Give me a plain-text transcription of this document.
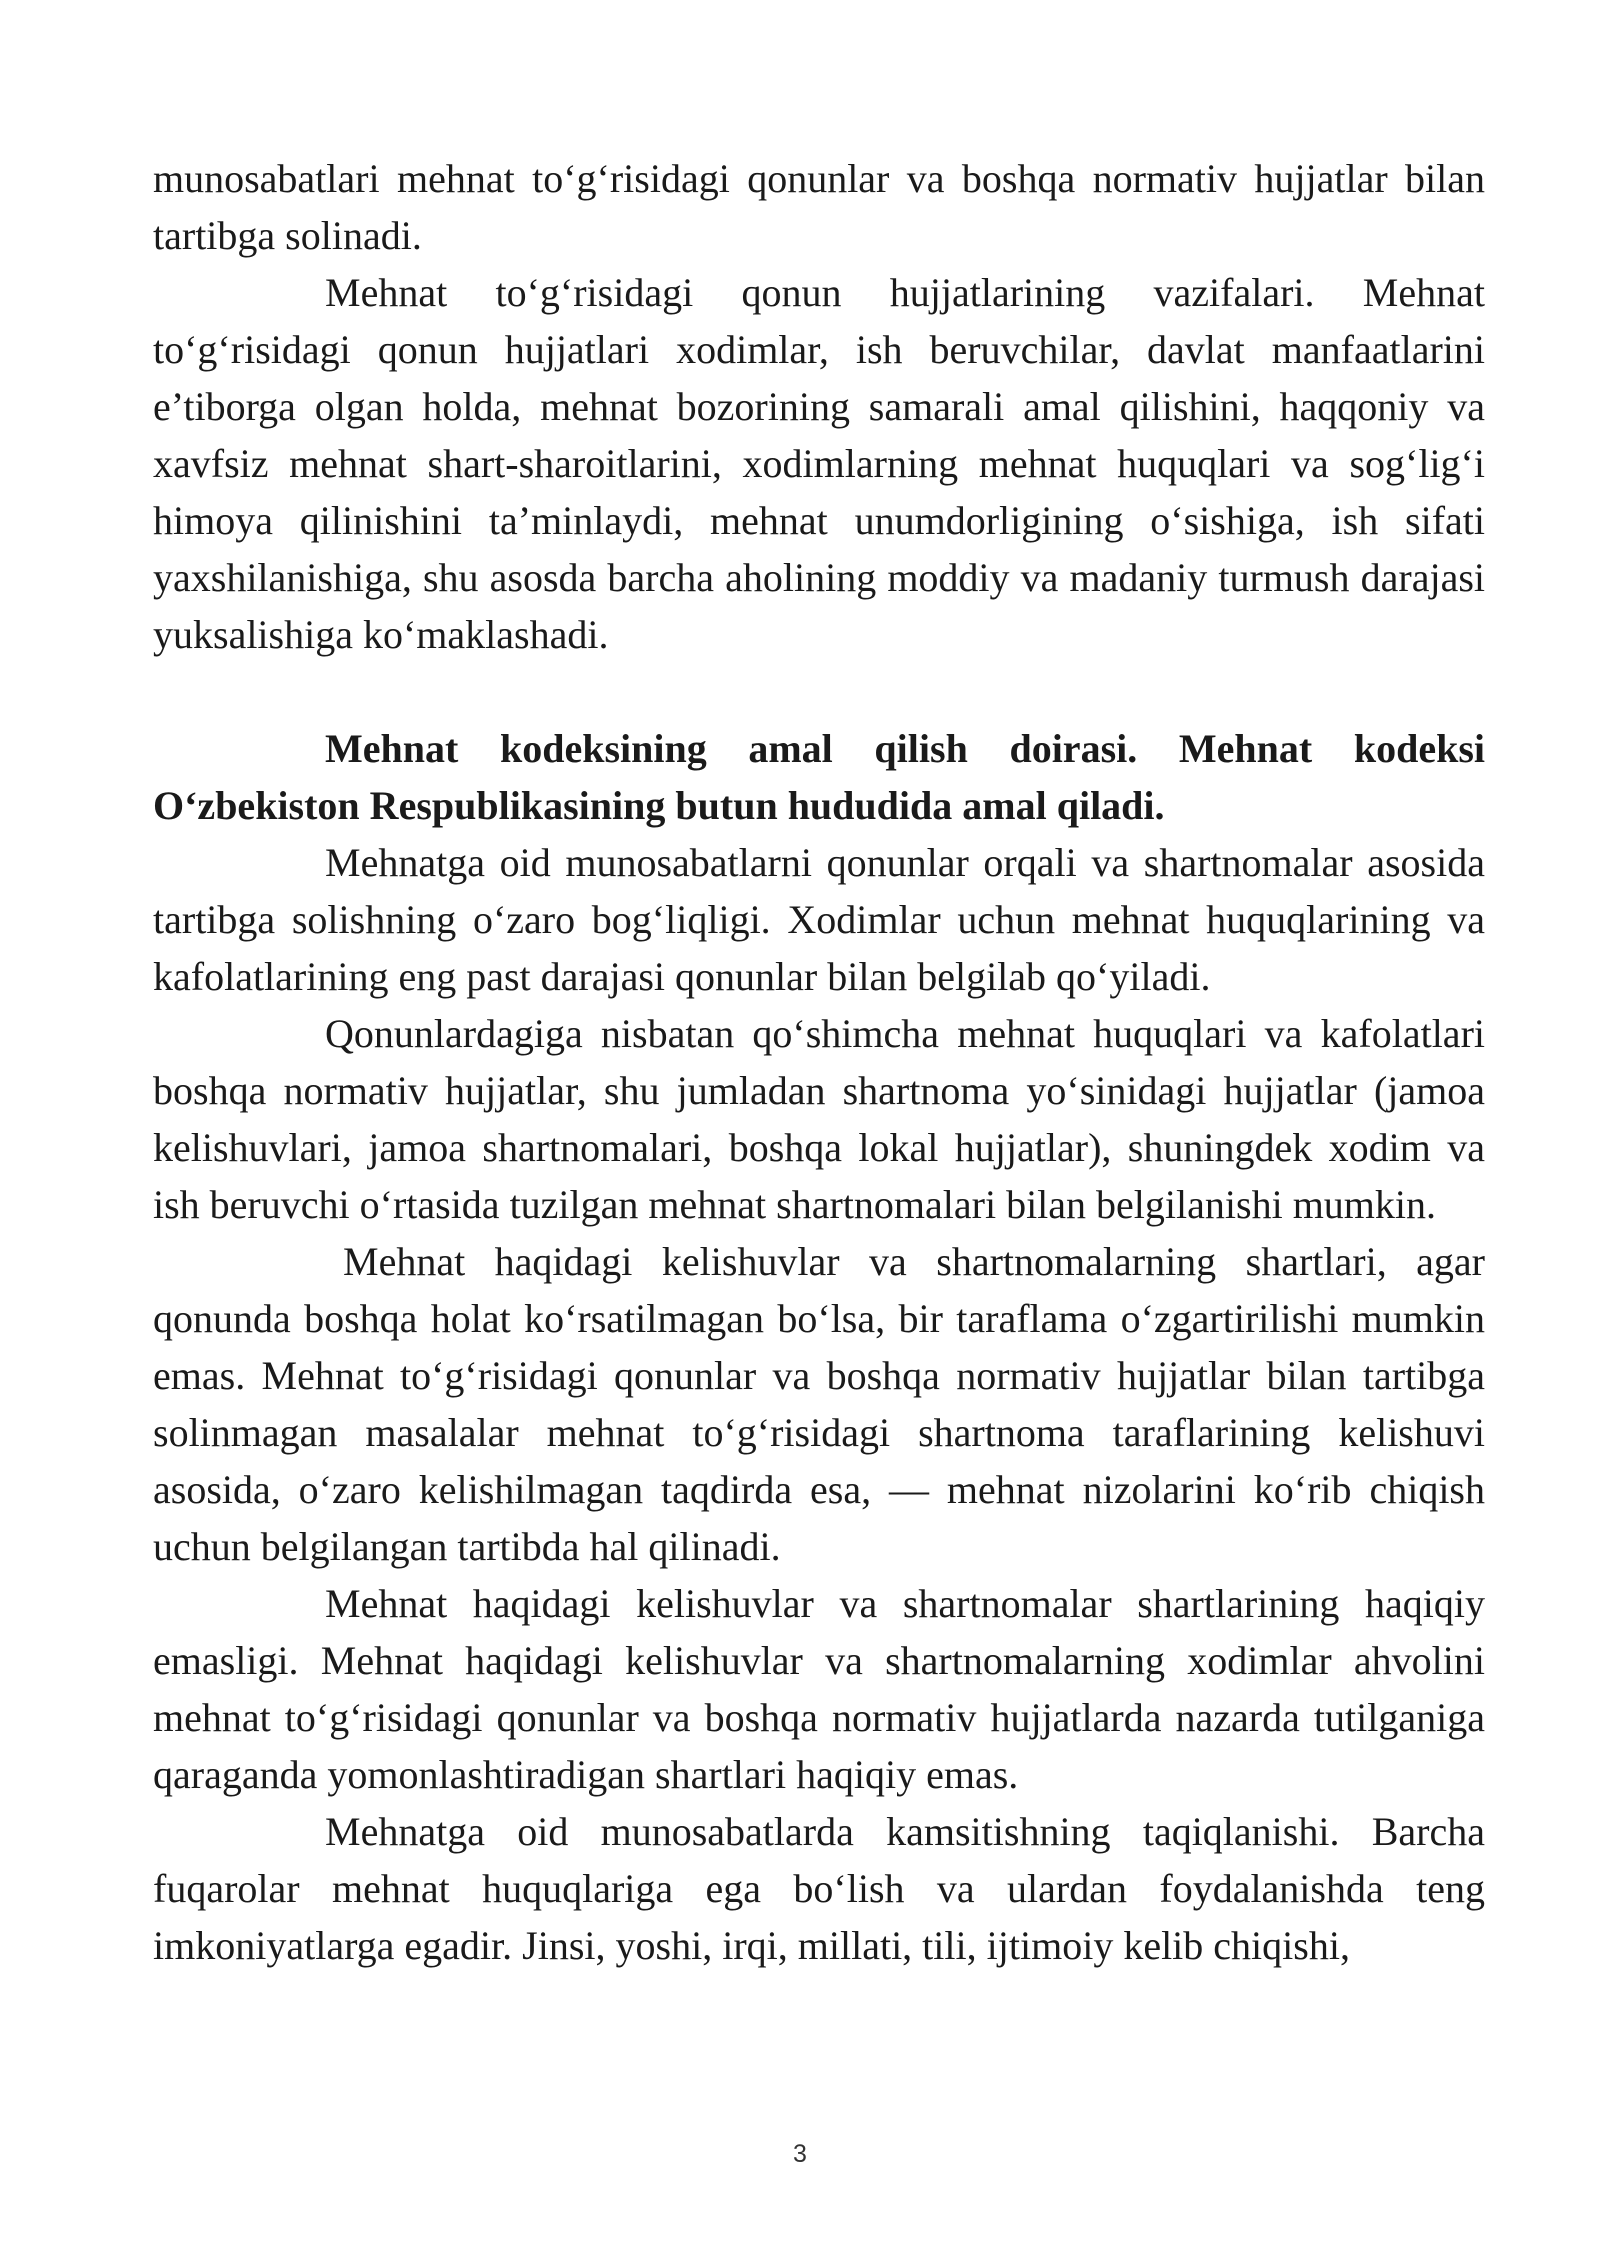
munosabatlari mehnat to‘g‘risidagi qonunlar va boshqa normativ hujjatlar bilan tartibga solinadi.

Mehnat to‘g‘risidagi qonun hujjatlarining vazifalari. Mehnat to‘g‘risidagi qonun hujjatlari xodimlar, ish beruvchilar, davlat manfaatlarini e’tiborga olgan holda, mehnat bozorining samarali amal qilishini, haqqoniy va xavfsiz mehnat shart-sharoitlarini, xodimlarning mehnat huquqlari va sog‘lig‘i himoya qilinishini ta’minlaydi, mehnat unumdorligining o‘sishiga, ish sifati yaxshilanishiga, shu asosda barcha aholining moddiy va madaniy turmush darajasi yuksalishiga ko‘maklashadi.

Mehnat kodeksining amal qilish doirasi. Mehnat kodeksi O‘zbekiston Respublikasining butun hududida amal qiladi.

Mehnatga oid munosabatlarni qonunlar orqali va shartnomalar asosida tartibga solishning o‘zaro bog‘liqligi. Xodimlar uchun mehnat huquqlarining va kafolatlarining eng past darajasi qonunlar bilan belgilab qo‘yiladi.

Qonunlardagiga nisbatan qo‘shimcha mehnat huquqlari va kafolatlari boshqa normativ hujjatlar, shu jumladan shartnoma yo‘sinidagi hujjatlar (jamoa kelishuvlari, jamoa shartnomalari, boshqa lokal hujjatlar), shuningdek xodim va ish beruvchi o‘rtasida tuzilgan mehnat shartnomalari bilan belgilanishi mumkin.

Mehnat haqidagi kelishuvlar va shartnomalarning shartlari, agar qonunda boshqa holat ko‘rsatilmagan bo‘lsa, bir taraflama o‘zgartirilishi mumkin emas. Mehnat to‘g‘risidagi qonunlar va boshqa normativ hujjatlar bilan tartibga solinmagan masalalar mehnat to‘g‘risidagi shartnoma taraflarining kelishuvi asosida, o‘zaro kelishilmagan taqdirda esa, — mehnat nizolarini ko‘rib chiqish uchun belgilangan tartibda hal qilinadi.

Mehnat haqidagi kelishuvlar va shartnomalar shartlarining haqiqiy emasligi. Mehnat haqidagi kelishuvlar va shartnomalarning xodimlar ahvolini mehnat to‘g‘risidagi qonunlar va boshqa normativ hujjatlarda nazarda tutilganiga qaraganda yomonlashtiradigan shartlari haqiqiy emas.

Mehnatga oid munosabatlarda kamsitishning taqiqlanishi. Barcha fuqarolar mehnat huquqlariga ega bo‘lish va ulardan foydalanishda teng imkoniyatlarga egadir. Jinsi, yoshi, irqi, millati, tili, ijtimoiy kelib chiqishi,

3
